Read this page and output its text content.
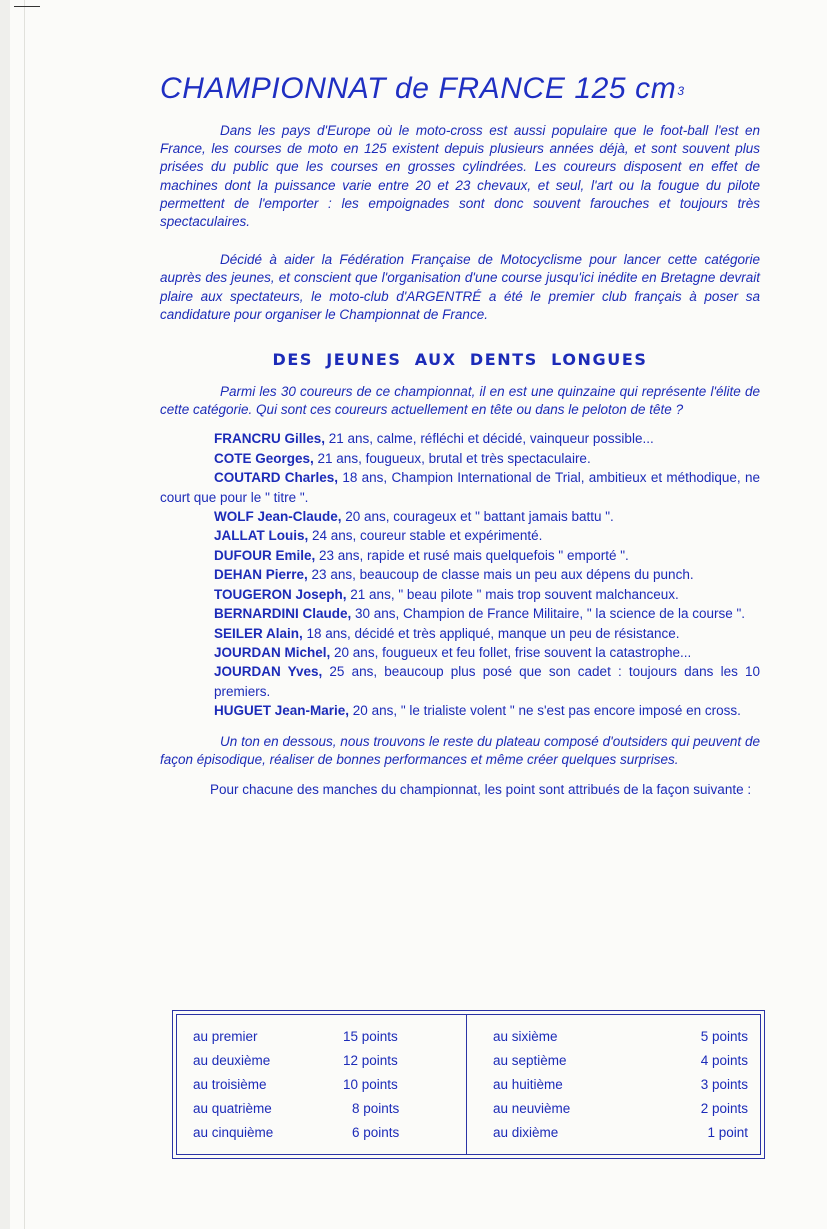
CHAMPIONNAT de FRANCE 125 $cm^3$

Dans les pays d'Europe où le moto-cross est aussi populaire que le foot-ball l'est en France, les courses de moto en 125 existent depuis plusieurs années déjà, et sont souvent plus prisées du public que les courses en grosses cylindrées. Les coureurs disposent en effet de machines dont la puissance varie entre 20 et 23 chevaux, et seul, l'art ou la fougue du pilote permettent de l'emporter : les empoignades sont donc souvent farouches et toujours très spectaculaires.

Décidé à aider la Fédération Française de Motocyclisme pour lancer cette catégorie auprès des jeunes, et conscient que l'organisation d'une course jusqu'ici inédite en Bretagne devrait plaire aux spectateurs, le moto-club d'ARGENTRÉ a été le premier club français à poser sa candidature pour organiser le Championnat de France.

DES JEUNES AUX DENTS LONGUES

Parmi les 30 coureurs de ce championnat, il en est une quinzaine qui représente l'élite de cette catégorie. Qui sont ces coureurs actuellement en tête ou dans le peloton de tête ?

FRANCRU Gilles, 21 ans, calme, réfléchi et décidé, vainqueur possible...

COTE Georges, 21 ans, fougueux, brutal et très spectaculaire.

COUTARD Charles, 18 ans, Champion International de Trial, ambitieux et méthodique, ne court que pour le " titre ".

WOLF Jean-Claude, 20 ans, courageux et " battant jamais battu ".

JALLAT Louis, 24 ans, coureur stable et expérimenté.

DUFOUR Emile, 23 ans, rapide et rusé mais quelquefois " emporté ".

DEHAN Pierre, 23 ans, beaucoup de classe mais un peu aux dépens du punch.

TOUGERON Joseph, 21 ans, " beau pilote " mais trop souvent malchanceux.

BERNARDINI Claude, 30 ans, Champion de France Militaire, " la science de la course ".

SEILER Alain, 18 ans, décidé et très appliqué, manque un peu de résistance.

JOURDAN Michel, 20 ans, fougueux et feu follet, frise souvent la catastrophe...

JOURDAN Yves, 25 ans, beaucoup plus posé que son cadet : toujours dans les 10 premiers.

HUGUET Jean-Marie, 20 ans, " le trialiste volent " ne s'est pas encore imposé en cross.

Un ton en dessous, nous trouvons le reste du plateau composé d'outsiders qui peuvent de façon épisodique, réaliser de bonnes performances et même créer quelques surprises.

Pour chacune des manches du championnat, les point sont attribués de la façon suivante :

au premier	15 points
au deuxième	12 points
au troisième	10 points
au quatrième	8 points
au cinquième	6 points
au sixième	5 points
au septième	4 points
au huitième	3 points
au neuvième	2 points
au dixième	1 point
